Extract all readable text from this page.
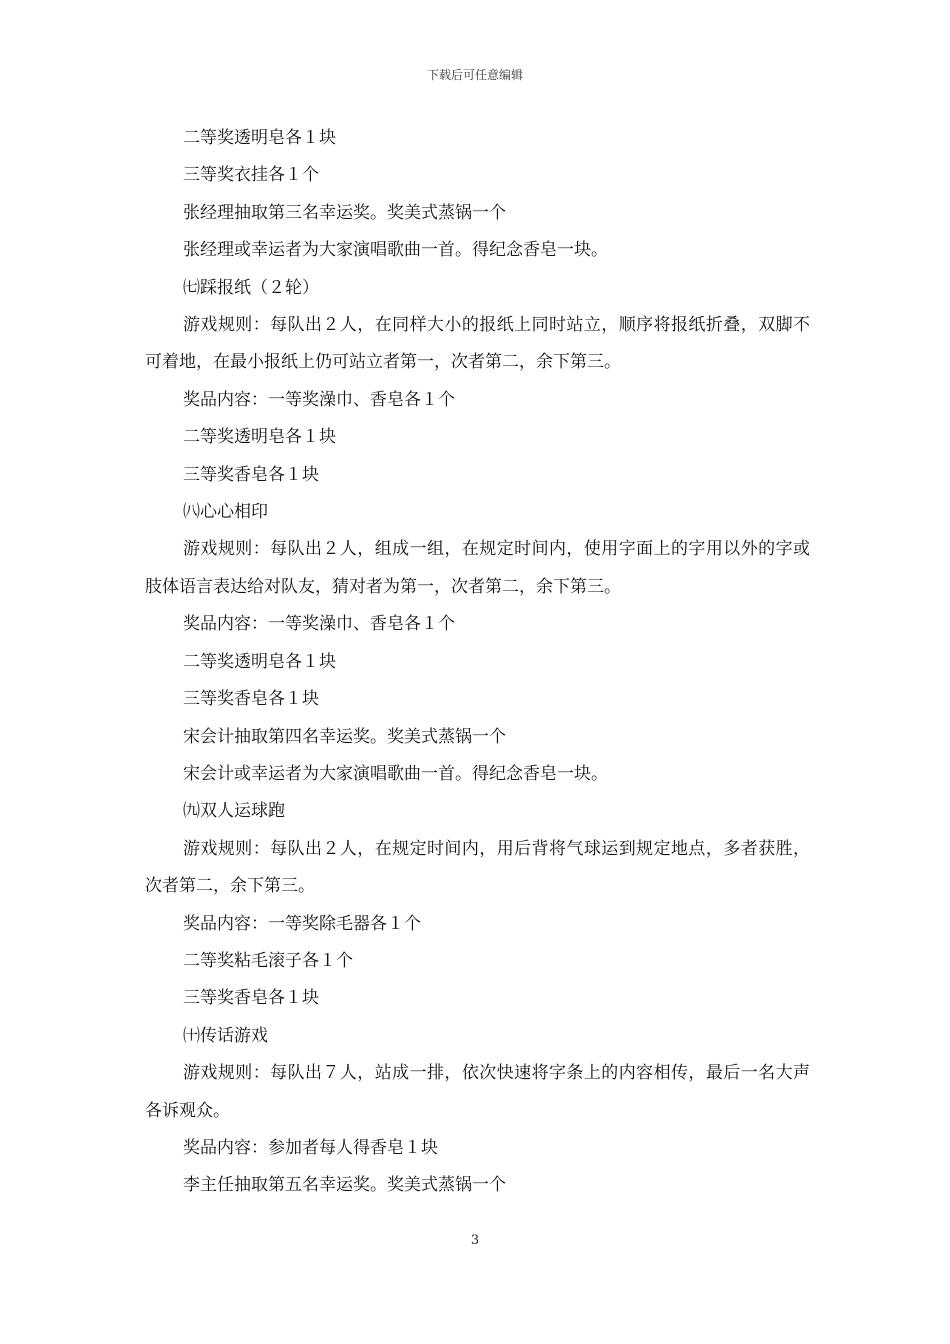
下载后可任意编辑
二等奖透明皂各１块
三等奖衣挂各１个
张经理抽取第三名幸运奖。奖美式蒸锅一个
张经理或幸运者为大家演唱歌曲一首。得纪念香皂一块。
㈦踩报纸（２轮）
游戏规则：每队出２人，在同样大小的报纸上同时站立，顺序将报纸折叠，双脚不可着地，在最小报纸上仍可站立者第一，次者第二，余下第三。
奖品内容：一等奖澡巾、香皂各１个
二等奖透明皂各１块
三等奖香皂各１块
㈧心心相印
游戏规则：每队出２人，组成一组，在规定时间内，使用字面上的字用以外的字或肢体语言表达给对队友，猜对者为第一，次者第二，余下第三。
奖品内容：一等奖澡巾、香皂各１个
二等奖透明皂各１块
三等奖香皂各１块
宋会计抽取第四名幸运奖。奖美式蒸锅一个
宋会计或幸运者为大家演唱歌曲一首。得纪念香皂一块。
㈨双人运球跑
游戏规则：每队出２人，在规定时间内，用后背将气球运到规定地点，多者获胜，次者第二，余下第三。
奖品内容：一等奖除毛器各１个
二等奖粘毛滚子各１个
三等奖香皂各１块
㈩传话游戏
游戏规则：每队出７人，站成一排，依次快速将字条上的内容相传，最后一名大声各诉观众。
奖品内容：参加者每人得香皂１块
李主任抽取第五名幸运奖。奖美式蒸锅一个
3
